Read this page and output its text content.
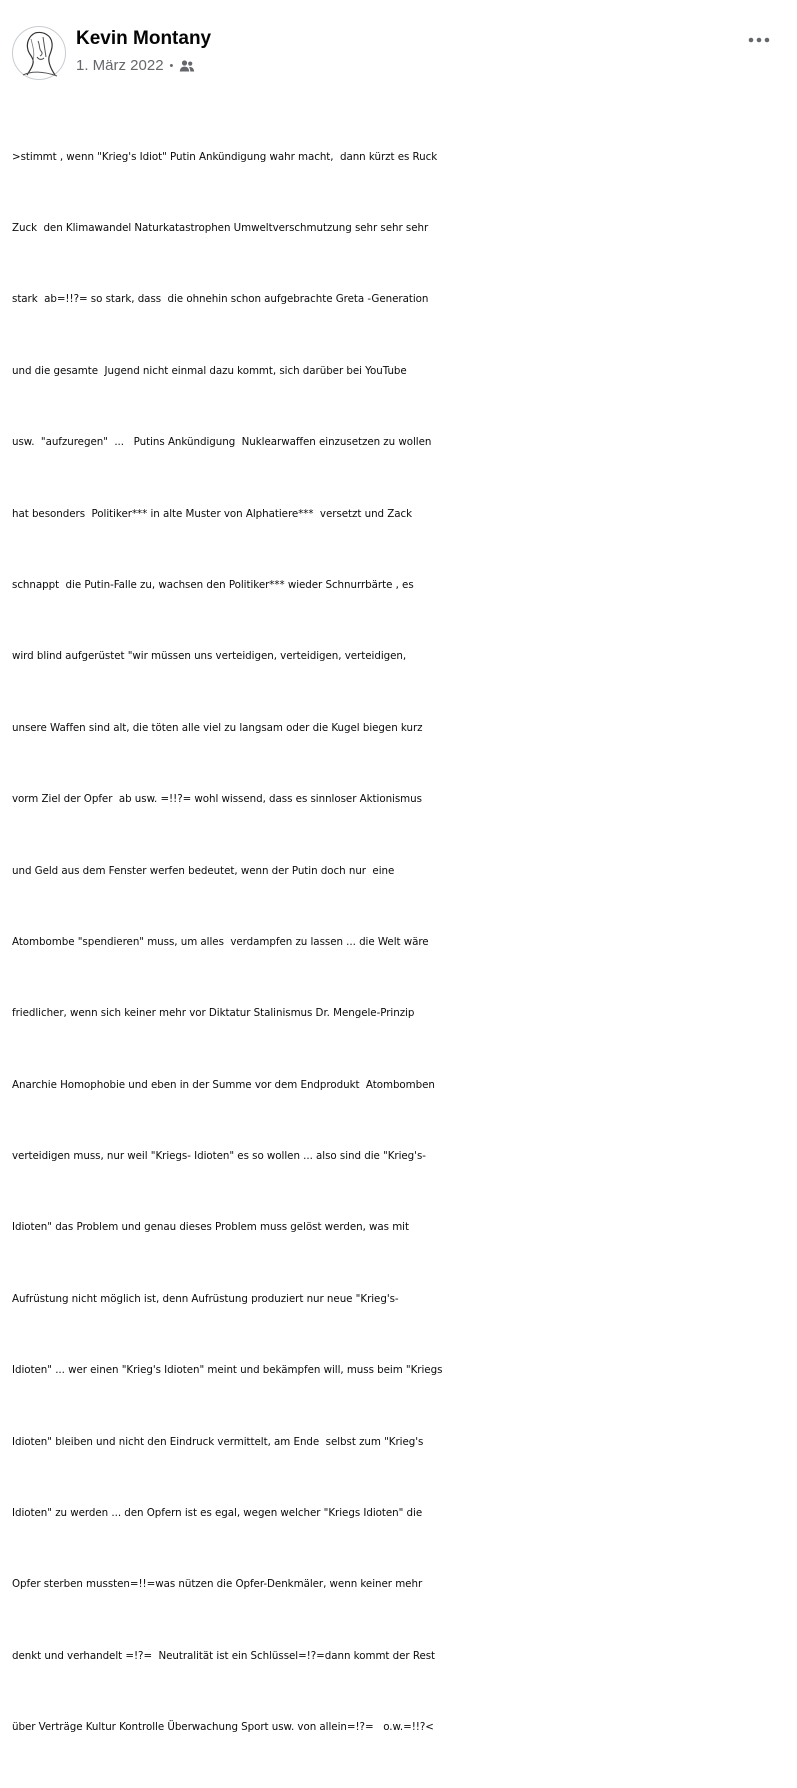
Kevin Montany
1. März 2022 •

>stimmt , wenn "Krieg's Idiot" Putin Ankündigung wahr macht,  dann kürzt es Ruck

Zuck  den Klimawandel Naturkatastrophen Umweltverschmutzung sehr sehr sehr

stark  ab=!!?= so stark, dass  die ohnehin schon aufgebrachte Greta -Generation

und die gesamte  Jugend nicht einmal dazu kommt, sich darüber bei YouTube

usw.  "aufzuregen"  ...   Putins Ankündigung  Nuklearwaffen einzusetzen zu wollen

hat besonders  Politiker*** in alte Muster von Alphatiere***  versetzt und Zack

schnappt  die Putin-Falle zu, wachsen den Politiker*** wieder Schnurrbärte , es

wird blind aufgerüstet "wir müssen uns verteidigen, verteidigen, verteidigen,

unsere Waffen sind alt, die töten alle viel zu langsam oder die Kugel biegen kurz

vorm Ziel der Opfer  ab usw. =!!?= wohl wissend, dass es sinnloser Aktionismus

und Geld aus dem Fenster werfen bedeutet, wenn der Putin doch nur  eine

Atombombe "spendieren" muss, um alles  verdampfen zu lassen ... die Welt wäre

friedlicher, wenn sich keiner mehr vor Diktatur Stalinismus Dr. Mengele-Prinzip

Anarchie Homophobie und eben in der Summe vor dem Endprodukt  Atombomben

verteidigen muss, nur weil "Kriegs- Idioten" es so wollen ... also sind die "Krieg's-

Idioten" das Problem und genau dieses Problem muss gelöst werden, was mit

Aufrüstung nicht möglich ist, denn Aufrüstung produziert nur neue "Krieg's-

Idioten" ... wer einen "Krieg's Idioten" meint und bekämpfen will, muss beim "Kriegs

Idioten" bleiben und nicht den Eindruck vermittelt, am Ende  selbst zum "Krieg's

Idioten" zu werden ... den Opfern ist es egal, wegen welcher "Kriegs Idioten" die

Opfer sterben mussten=!!=was nützen die Opfer-Denkmäler, wenn keiner mehr

denkt und verhandelt =!?=  Neutralität ist ein Schlüssel=!?=dann kommt der Rest

über Verträge Kultur Kontrolle Überwachung Sport usw. von allein=!?=   o.w.=!!?<
